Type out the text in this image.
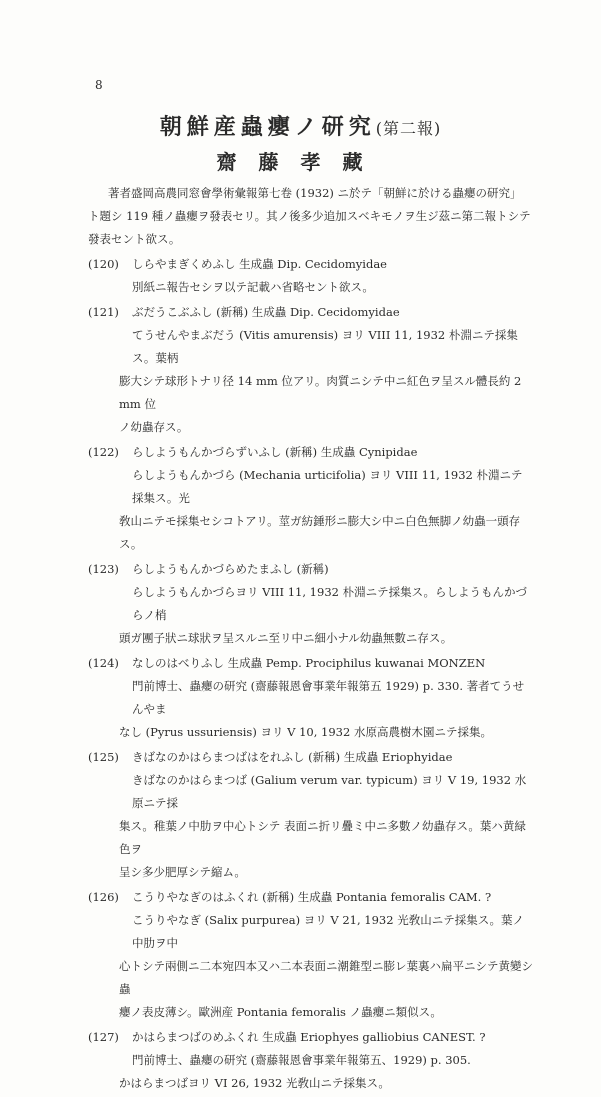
8
朝鮮産蟲癭ノ研究(第二報)
齋藤孝藏

著者盛岡高農同窓會學術彙報第七卷 (1932) ニ於テ「朝鮮に於ける蟲癭の研究」ト題シ 119 種ノ蟲癭ヲ發表セリ。其ノ後多少追加スベキモノヲ生ジ茲ニ第二報トシテ發表セント欲ス。

(120)	しらやまぎくめふし 生成蟲 Dip. Cecidomyidae
別紙ニ報告セシヲ以テ記載ハ省略セント欲ス。
(121)	ぶだうこぶふし (新稱) 生成蟲 Dip. Cecidomyidae
てうせんやまぶだう (Vitis amurensis) ヨリ VIII 11, 1932 朴淵ニテ採集ス。葉柄
膨大シテ球形トナリ径 14 mm 位アリ。肉質ニシテ中ニ紅色ヲ呈スル體長約 2 mm 位
ノ幼蟲存ス。
(122)	らしようもんかづらずいふし (新稱) 生成蟲 Cynipidae
らしようもんかづら (Mechania urticifolia) ヨリ VIII 11, 1932 朴淵ニテ採集ス。光
敎山ニテモ採集セシコトアリ。莖ガ紡錘形ニ膨大シ中ニ白色無脚ノ幼蟲一頭存ス。
(123)	らしようもんかづらめたまふし (新稱)
らしようもんかづらヨリ VIII 11, 1932 朴淵ニテ採集ス。らしようもんかづらノ梢
頭ガ團子狀ニ球狀ヲ呈スルニ至リ中ニ細小ナル幼蟲無數ニ存ス。
(124)	なしのはべりふし 生成蟲 Pemp. Prociphilus kuwanai MONZEN
門前博士、蟲癭の研究 (齋藤報恩會事業年報第五 1929) p. 330. 著者てうせんやま
なし (Pyrus ussuriensis) ヨリ V 10, 1932 水原高農樹木園ニテ採集。
(125)	きばなのかはらまつばはをれふし (新稱) 生成蟲 Eriophyidae
きばなのかはらまつば (Galium verum var. typicum) ヨリ V 19, 1932 水原ニテ採
集ス。稚葉ノ中肋ヲ中心トシテ 表面ニ折リ疊ミ中ニ多數ノ幼蟲存ス。葉ハ黄緑色ヲ
呈シ多少肥厚シテ縮ム。
(126)	こうりやなぎのはふくれ (新稱) 生成蟲 Pontania femoralis CAM. ?
こうりやなぎ (Salix purpurea) ヨリ V 21, 1932 光敎山ニテ採集ス。葉ノ中肋ヲ中
心トシテ兩側ニ二本宛四本又ハ二本表面ニ潮錐型ニ膨レ葉裏ハ扁平ニシテ黄變シ 蟲
癭ノ表皮薄シ。歐洲産 Pontania femoralis ノ蟲癭ニ類似ス。
(127)	かはらまつばのめふくれ 生成蟲 Eriophyes galliobius CANEST. ?
門前博士、蟲癭の研究 (齋藤報恩會事業年報第五、1929) p. 305.
かはらまつばヨリ VI 26, 1932 光敎山ニテ採集ス。
